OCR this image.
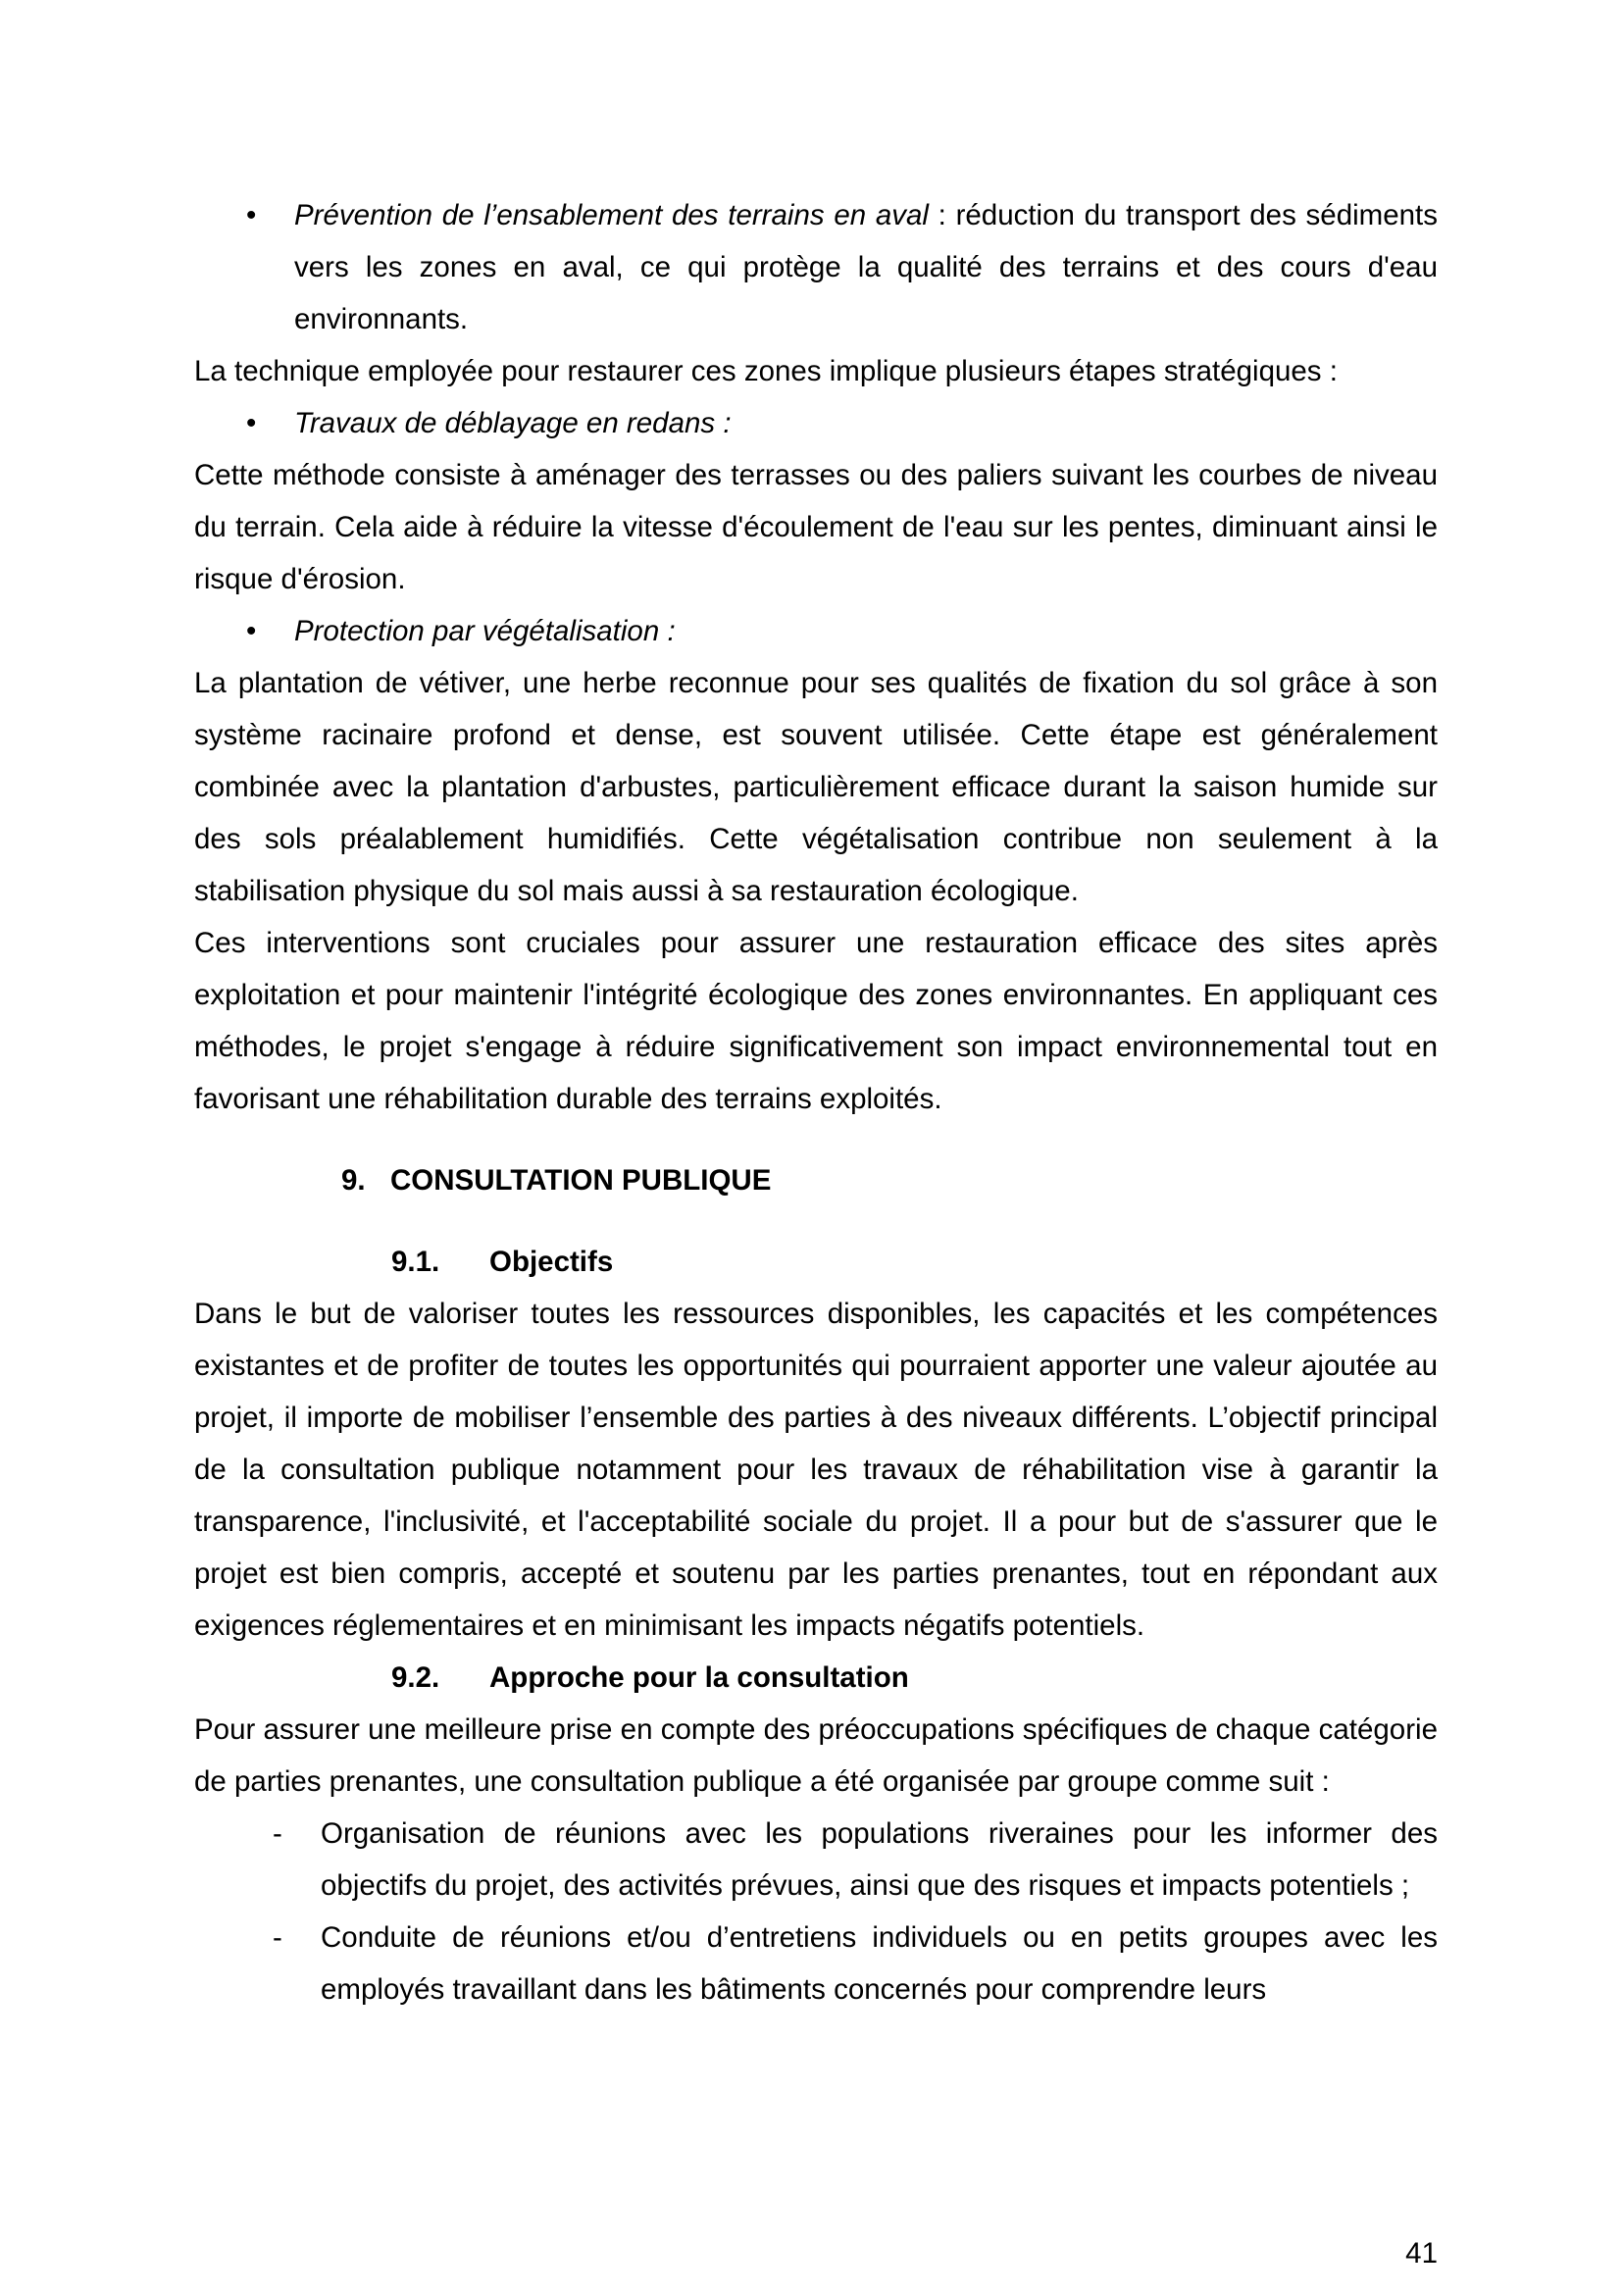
•	Prévention de l’ensablement des terrains en aval : réduction du transport des sédiments vers les zones en aval, ce qui protège la qualité des terrains et des cours d'eau environnants.

La technique employée pour restaurer ces zones implique plusieurs étapes stratégiques :

•	Travaux de déblayage en redans :

Cette méthode consiste à aménager des terrasses ou des paliers suivant les courbes de niveau du terrain. Cela aide à réduire la vitesse d'écoulement de l'eau sur les pentes, diminuant ainsi le risque d'érosion.

•	Protection par végétalisation :

La plantation de vétiver, une herbe reconnue pour ses qualités de fixation du sol grâce à son système racinaire profond et dense, est souvent utilisée. Cette étape est généralement combinée avec la plantation d'arbustes, particulièrement efficace durant la saison humide sur des sols préalablement humidifiés. Cette végétalisation contribue non seulement à la stabilisation physique du sol mais aussi à sa restauration écologique.

Ces interventions sont cruciales pour assurer une restauration efficace des sites après exploitation et pour maintenir l'intégrité écologique des zones environnantes. En appliquant ces méthodes, le projet s'engage à réduire significativement son impact environnemental tout en favorisant une réhabilitation durable des terrains exploités.

9. CONSULTATION PUBLIQUE
9.1. Objectifs

Dans le but de valoriser toutes les ressources disponibles, les capacités et les compétences existantes et de profiter de toutes les opportunités qui pourraient apporter une valeur ajoutée au projet, il importe de mobiliser l’ensemble des parties à des niveaux différents. L’objectif principal de la consultation publique notamment pour les travaux de réhabilitation vise à garantir la transparence, l'inclusivité, et l'acceptabilité sociale du projet. Il a pour but de s'assurer que le projet est bien compris, accepté et soutenu par les parties prenantes, tout en répondant aux exigences réglementaires et en minimisant les impacts négatifs potentiels.

9.2. Approche pour la consultation

Pour assurer une meilleure prise en compte des préoccupations spécifiques de chaque catégorie de parties prenantes, une consultation publique a été organisée par groupe comme suit :

- Organisation de réunions avec les populations riveraines pour les informer des objectifs du projet, des activités prévues, ainsi que des risques et impacts potentiels ;
- Conduite de réunions et/ou d’entretiens individuels ou en petits groupes avec les employés travaillant dans les bâtiments concernés pour comprendre leurs
41
